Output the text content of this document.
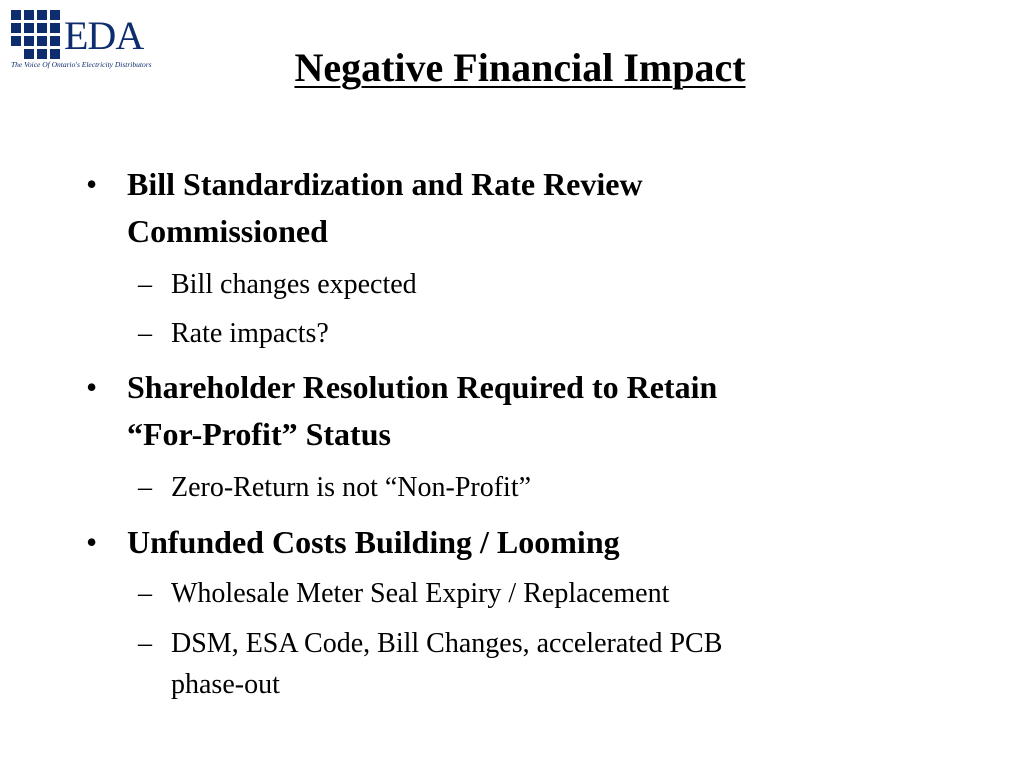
EDA
The Voice Of Ontario's Electricity Distributors	Negative Financial Impact
• Bill Standardization and Rate Review
Commissioned
– Bill changes expected
– Rate impacts?
• Shareholder Resolution Required to Retain
“For-Profit” Status
– Zero-Return is not “Non-Profit”
• Unfunded Costs Building / Looming
– Wholesale Meter Seal Expiry / Replacement
– DSM, ESA Code, Bill Changes, accelerated PCB
phase-out
